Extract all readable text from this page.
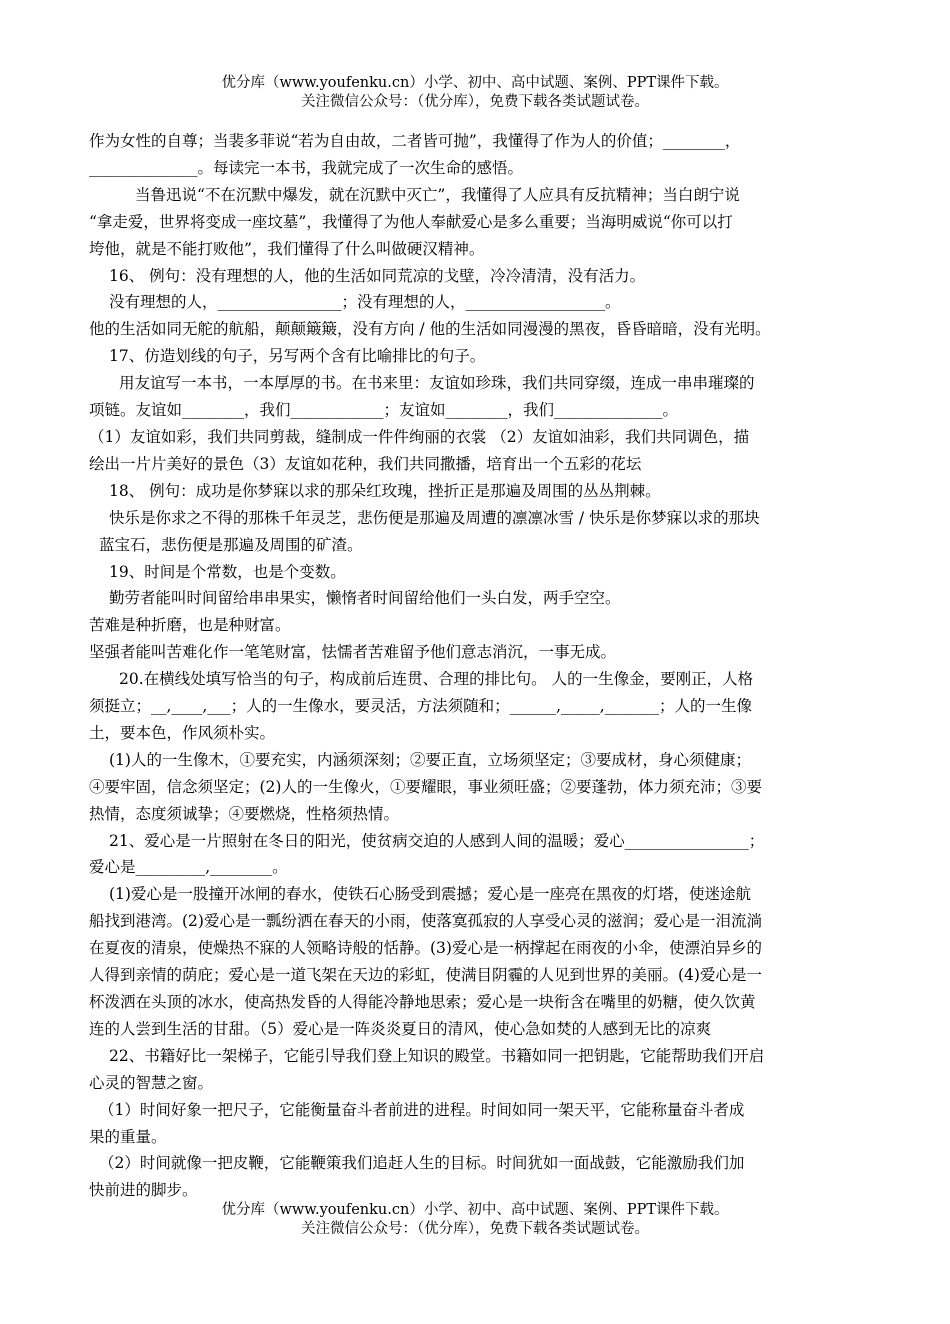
优分库（www.youfenku.cn）小学、初中、高中试题、案例、PPT课件下载。
关注微信公众号：（优分库），免费下载各类试题试卷。
作为女性的自尊；当裴多菲说“若为自由故，二者皆可抛”，我懂得了作为人的价值；________，
______________。每读完一本书，我就完成了一次生命的感悟。
当鲁迅说“不在沉默中爆发，就在沉默中灭亡”，我懂得了人应具有反抗精神；当白朗宁说
“拿走爱，世界将变成一座坟墓”，我懂得了为他人奉献爱心是多么重要；当海明威说“你可以打
垮他，就是不能打败他”，我们懂得了什么叫做硬汉精神。
16、 例句：没有理想的人，他的生活如同荒凉的戈壁，冷冷清清，没有活力。
没有理想的人，________________；没有理想的人，__________________。
他的生活如同无舵的航船，颠颠簸簸，没有方向 / 他的生活如同漫漫的黑夜，昏昏暗暗，没有光明。
17、仿造划线的句子，另写两个含有比喻排比的句子。
用友谊写一本书，一本厚厚的书。在书来里：友谊如珍珠，我们共同穿缀，连成一串串璀璨的
项链。友谊如________，我们____________；友谊如________，我们______________。
（1）友谊如彩，我们共同剪裁，缝制成一件件绚丽的衣裳 （2）友谊如油彩，我们共同调色，描
绘出一片片美好的景色（3）友谊如花种，我们共同撒播，培育出一个五彩的花坛
18、 例句：成功是你梦寐以求的那朵红玫瑰，挫折正是那遍及周围的丛丛荆棘。
快乐是你求之不得的那株千年灵芝，悲伤便是那遍及周遭的凛凛冰雪 / 快乐是你梦寐以求的那块
蓝宝石，悲伤便是那遍及周围的矿渣。
19、时间是个常数，也是个变数。
勤劳者能叫时间留给串串果实，懒惰者时间留给他们一头白发，两手空空。
苦难是种折磨，也是种财富。
坚强者能叫苦难化作一笔笔财富，怯懦者苦难留予他们意志消沉，一事无成。
20.在横线处填写恰当的句子，构成前后连贯、合理的排比句。 人的一生像金，要刚正，人格
须挺立；__,____,___；人的一生像水，要灵活，方法须随和；______,_____,_______；人的一生像
土，要本色，作风须朴实。
(1)人的一生像木，①要充实，内涵须深刻；②要正直，立场须坚定；③要成材，身心须健康；
④要牢固，信念须坚定；(2)人的一生像火，①要耀眼，事业须旺盛；②要蓬勃，体力须充沛；③要
热情，态度须诚挚；④要燃烧，性格须热情。
21、爱心是一片照射在冬日的阳光，使贫病交迫的人感到人间的温暖；爱心________________；
爱心是_________,________。
(1)爱心是一股撞开冰闸的春水，使铁石心肠受到震撼；爱心是一座亮在黑夜的灯塔，使迷途航
船找到港湾。(2)爱心是一瓢纷洒在春天的小雨，使落寞孤寂的人享受心灵的滋润；爱心是一泪流淌
在夏夜的清泉，使燥热不寐的人领略诗般的恬静。(3)爱心是一柄撑起在雨夜的小伞，使漂泊异乡的
人得到亲情的荫庇；爱心是一道飞架在天边的彩虹，使满目阴霾的人见到世界的美丽。(4)爱心是一
杯泼洒在头顶的冰水，使高热发昏的人得能冷静地思索；爱心是一块衔含在嘴里的奶糖，使久饮黄
连的人尝到生活的甘甜。（5）爱心是一阵炎炎夏日的清风，使心急如焚的人感到无比的凉爽
22、书籍好比一架梯子，它能引导我们登上知识的殿堂。书籍如同一把钥匙，它能帮助我们开启
心灵的智慧之窗。
（1）时间好象一把尺子，它能衡量奋斗者前进的进程。时间如同一架天平，它能称量奋斗者成
果的重量。
（2）时间就像一把皮鞭，它能鞭策我们追赶人生的目标。时间犹如一面战鼓，它能激励我们加
快前进的脚步。
优分库（www.youfenku.cn）小学、初中、高中试题、案例、PPT课件下载。
关注微信公众号：（优分库），免费下载各类试题试卷。
